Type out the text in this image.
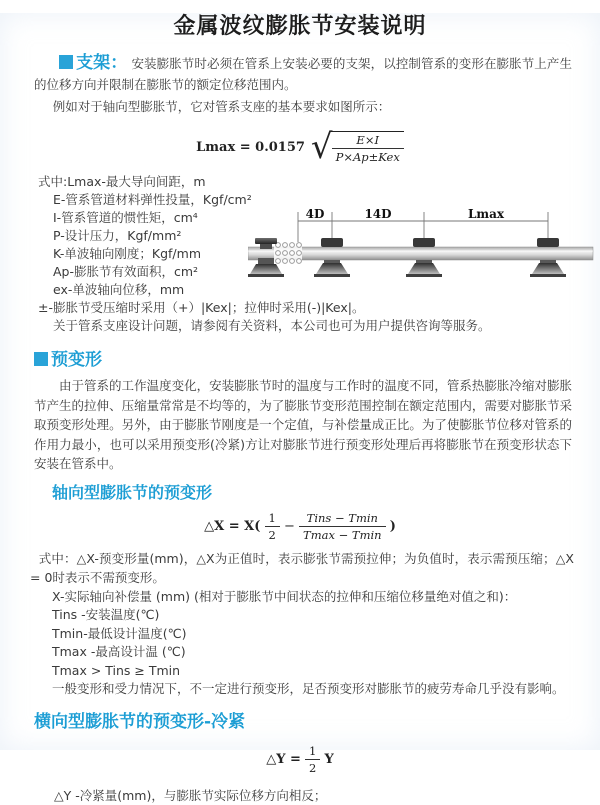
金属波纹膨胀节安装说明

支架： 安装膨胀节时必须在管系上安装必要的支架，以控制管系的变形在膨胀节上产生的位移方向并限制在膨胀节的额定位移范围内。

例如对于轴向型膨胀节，它对管系支座的基本要求如图所示：

Lmax = 0.0157 √ $\frac{E\times I}{\text{P×Ap±Kex}}$
式中:Lmax-最大导向间距，m
E-管系管道材料弹性投量，Kgf/cm²
I-管系管道的惯性矩，cm⁴
P-设计压力，Kgf/mm²
K-单波轴向刚度；Kgf/mm
Ap-膨胀节有效面积，cm²
ex-单波轴向位移，mm
±-膨胀节受压缩时采用（+）|Kex|；拉伸时采用(-)|Kex|。
关于管系支座设计问题，请参阅有关资料，本公司也可为用户提供咨询等服务。
4D	14D	Lmax
预变形

由于管系的工作温度变化，安装膨胀节时的温度与工作时的温度不同，管系热膨胀冷缩对膨胀节产生的拉伸、压缩量常常是不均等的，为了膨胀节变形范围控制在额定范围内，需要对膨胀节采取预变形处理。另外，由于膨胀节刚度是一个定值，与补偿量成正比。为了使膨胀节位移对管系的作用力最小，也可以采用预变形(冷紧)方让对膨胀节进行预变形处理后再将膨胀节在预变形状态下安装在管系中。

轴向型膨胀节的预变形
△X = $X( \frac{1}{2} - \frac{\text{Tins − Tmin}}{Tmax - Tmin}$ )

式中：△X-预变形量(mm)，△X为正值时，表示膨张节需预拉伸；为负值时，表示需预压缩；△X = 0时表示不需预变形。

X-实际轴向补偿量 (mm) (相对于膨胀节中间状态的拉伸和压缩位移量绝对值之和)：
Tins -安装温度(℃)
Tmin-最低设计温度(℃)
Tmax -最高设计温 (℃)
Tmax > Tins ≥ Tmin
一般变形和受力情况下，不一定进行预变形，足否预变形对膨胀节的疲劳寿命几乎没有影响。
横向型膨胀节的预变形-冷紧
△Y = $\frac{1}{2}$ Y

△Y -冷紧量(mm)，与膨胀节实际位移方向相反；
